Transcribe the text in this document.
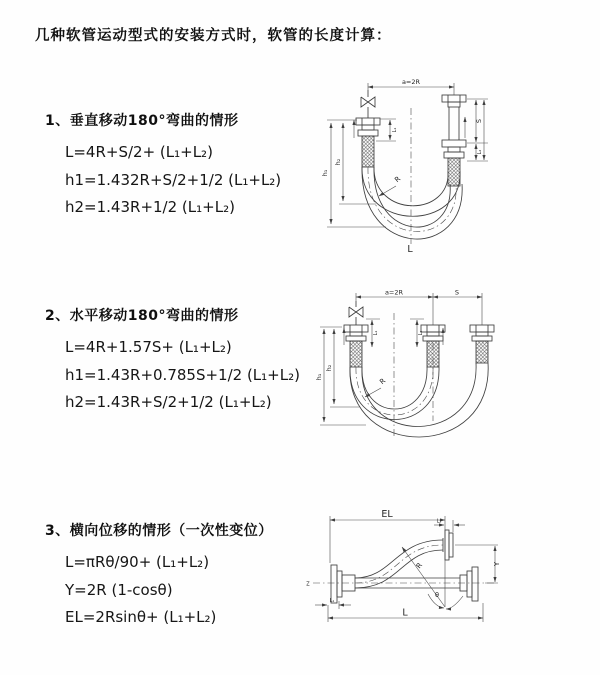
几种软管运动型式的安装方式时，软管的长度计算：
1、垂直移动180°弯曲的情形
L=4R+S/2+ (L₁+L₂)
h1=1.432R+S/2+1/2 (L₁+L₂)
h2=1.43R+1/2 (L₁+L₂)
2、水平移动180°弯曲的情形
L=4R+1.57S+ (L₁+L₂)
h1=1.43R+0.785S+1/2 (L₁+L₂)
h2=1.43R+S/2+1/2 (L₁+L₂)
3、横向位移的情形（一次性变位）
L=πRθ/90+ (L₁+L₂)
Y=2R (1-cosθ)
EL=2Rsinθ+ (L₁+L₂)
a=2R
h₁
h₂
L₁
S
L₂
R
L
a=2R	S
h₁
h₂
L₁	L₂
R
Z
EL
L₂
Y
L
L₁
R
θ
